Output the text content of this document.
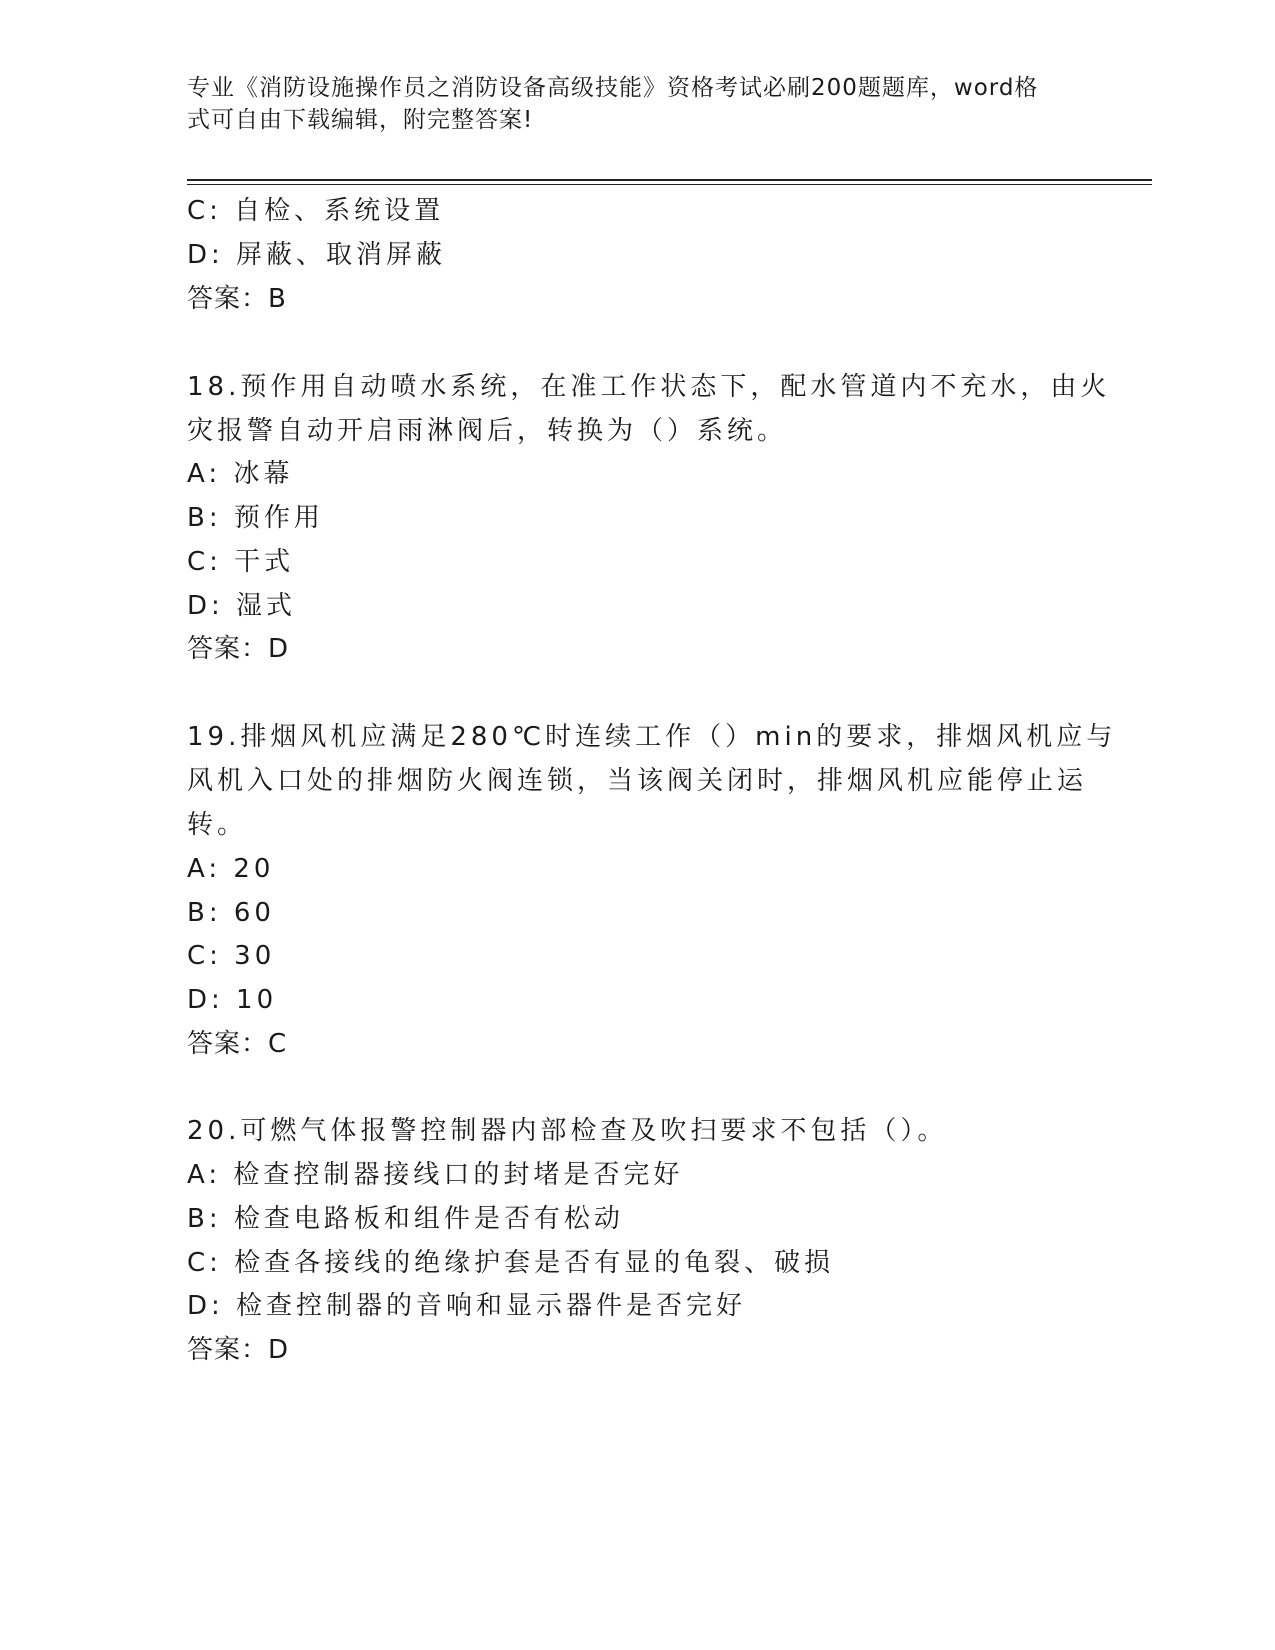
专业《消防设施操作员之消防设备高级技能》资格考试必刷200题题库，word格
式可自由下载编辑，附完整答案!
C: 自检、系统设置
D: 屏蔽、取消屏蔽
答案：B
18.预作用自动喷水系统，在准工作状态下，配水管道内不充水，由火
灾报警自动开启雨淋阀后，转换为（）系统。
A: 冰幕
B: 预作用
C: 干式
D: 湿式
答案：D
19.排烟风机应满足280℃时连续工作（）min的要求，排烟风机应与
风机入口处的排烟防火阀连锁，当该阀关闭时，排烟风机应能停止运
转。
A: 20
B: 60
C: 30
D: 10
答案：C
20.可燃气体报警控制器内部检查及吹扫要求不包括（）。
A: 检查控制器接线口的封堵是否完好
B: 检查电路板和组件是否有松动
C: 检查各接线的绝缘护套是否有显的龟裂、破损
D: 检查控制器的音响和显示器件是否完好
答案：D
